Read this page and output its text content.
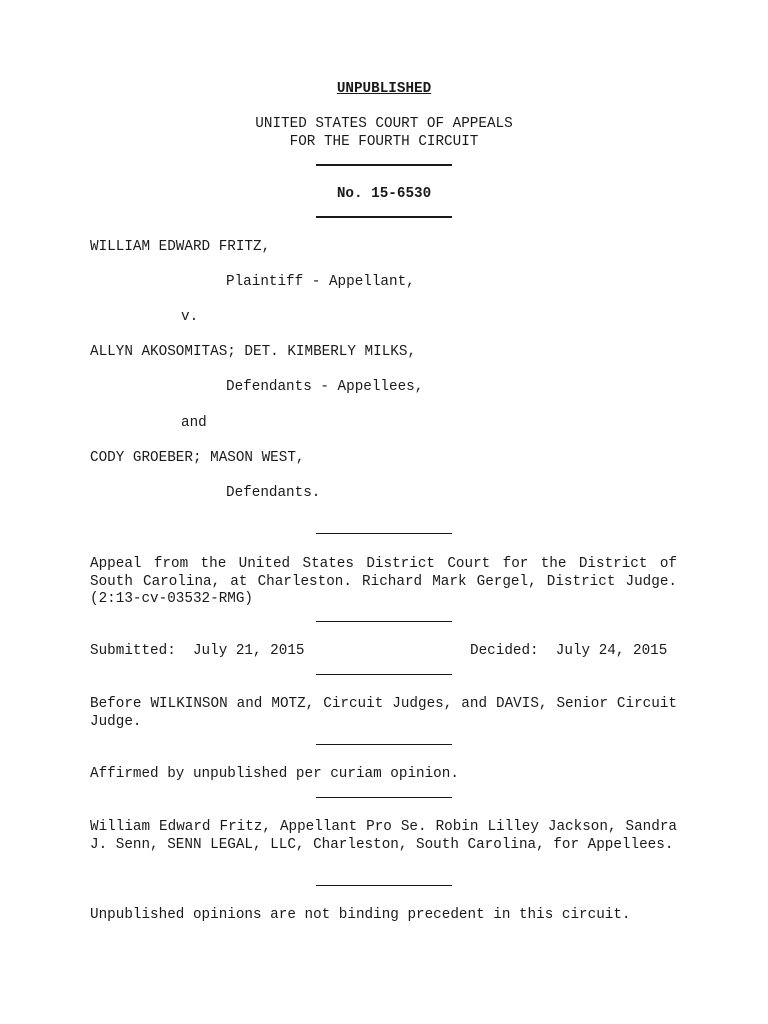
UNPUBLISHED
UNITED STATES COURT OF APPEALS
FOR THE FOURTH CIRCUIT
No. 15-6530
WILLIAM EDWARD FRITZ,
Plaintiff - Appellant,
v.
ALLYN AKOSOMITAS; DET. KIMBERLY MILKS,
Defendants - Appellees,
and
CODY GROEBER; MASON WEST,
Defendants.
Appeal from the United States District Court for the District of South Carolina, at Charleston. Richard Mark Gergel, District Judge. (2:13-cv-03532-RMG)
Submitted:  July 21, 2015	Decided:  July 24, 2015
Before WILKINSON and MOTZ, Circuit Judges, and DAVIS, Senior Circuit Judge.
Affirmed by unpublished per curiam opinion.
William Edward Fritz, Appellant Pro Se. Robin Lilley Jackson, Sandra J. Senn, SENN LEGAL, LLC, Charleston, South Carolina, for Appellees.
Unpublished opinions are not binding precedent in this circuit.
